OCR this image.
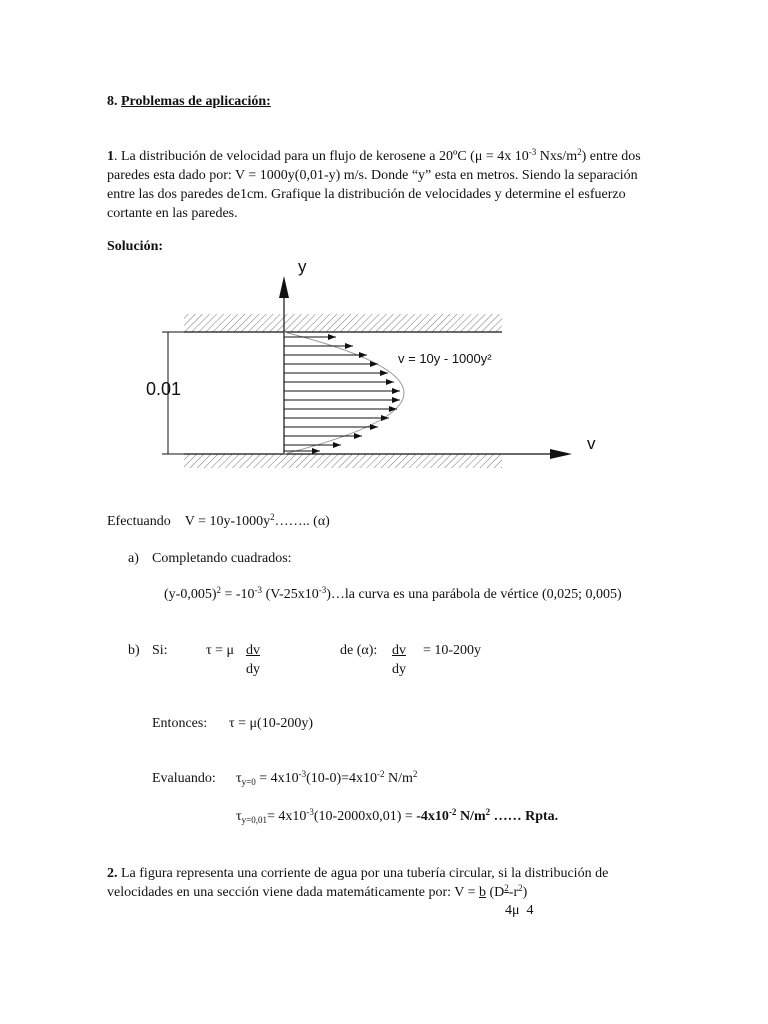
8. Problemas de aplicación:
1. La distribución de velocidad para un flujo de kerosene a 20ºC (μ = 4x $10^{-3}$ Nxs/$m^2$) entre dos paredes esta dado por: V = 1000y(0,01-y) m/s. Donde “y” esta en metros. Siendo la separación entre las dos paredes de1cm. Grafique la distribución de velocidades y determine el esfuerzo cortante en las paredes.
Solución:
y
v
0.01
v = 10y - 1000y²
Efectuando $V = 10y-1000y^2\dots\dots$.. (α)
a) Completando cuadrados:
$(y-0,005)^2 = -10^{-3}$ $(V-25x10^{-3})\dots la$ curva es una parábola de vértice (0,025; 0,005)
b) Si:	τ = μ dv
dy
de (α): dv
dy
= 10-200y
Entonces: τ = μ(10-200y)
Evaluando: $\tau_{y=0} = 4x10^{-3}(10-0)=4x10^{-2}$ $N/m^2$
$\tau_{y=0,01}= 4x10^{-3}(10-2000x0,01) = -4x10^{-2}$ $N/m^2$ …… Rpta.
2. La figura representa una corriente de agua por una tubería circular, si la distribución de velocidades en una sección viene dada matemáticamente por: V = b $(D^2-r^2)$
4μ 4
